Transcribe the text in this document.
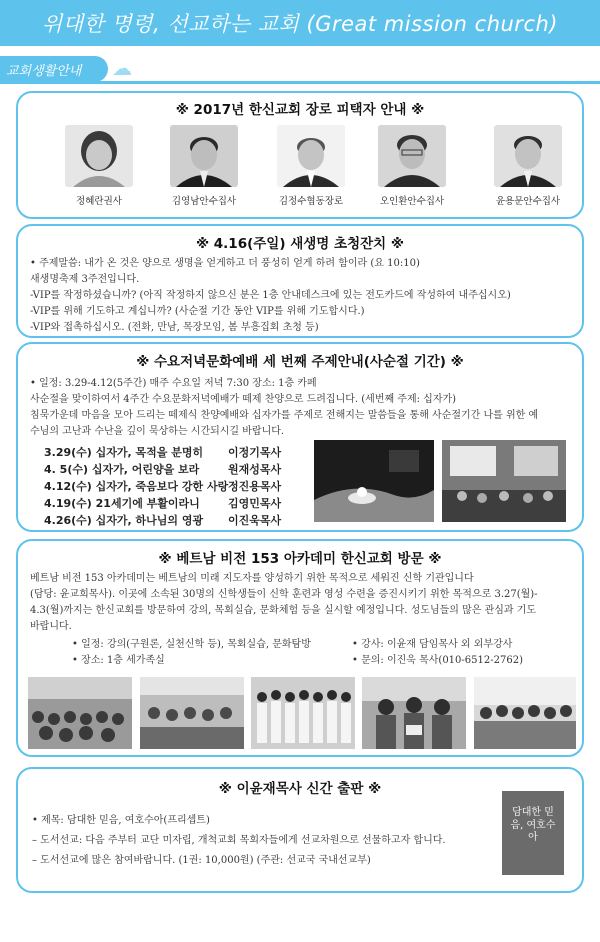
위대한 명령, 선교하는 교회 (Great mission church)
교회생활안내 ☁
※ 2017년 한신교회 장로 피택자 안내 ※
정혜란권사	김영남안수집사	김정수협동장로	오인환안수집사	윤용문안수집사
※ 4.16(주일) 새생명 초청잔치 ※
• 주제말씀: 내가 온 것은 양으로 생명을 얻게하고 더 풍성히 얻게 하려 함이라 (요 10:10)
새생명축제 3주전입니다.
-VIP를 작정하셨습니까? (아직 작정하지 않으신 분은 1층 안내데스크에 있는 전도카드에 작성하여 내주십시오)
-VIP를 위해 기도하고 계십니까? (사순절 기간 동안 VIP를 위해 기도합시다.)
-VIP와 접촉하십시오. (전화, 만남, 목장모임, 봄 부흥집회 초청 등)
※ 수요저녁문화예배 세 번째 주제안내(사순절 기간) ※
• 일정: 3.29-4.12(5주간) 매주 수요일 저녁 7:30 장소: 1층 카페
사순절을 맞이하여서 4주간 수요문화저녁예배가 떼제 찬양으로 드려집니다. (세번째 주제: 십자가)
침묵가운데 마음을 모아 드리는 떼제식 찬양예배와 십자가를 주제로 전해지는 말씀들을 통해 사순절기간 나를 위한 예
수님의 고난과 수난을 깊이 묵상하는 시간되시길 바랍니다.
3.29(수) 십자가, 목적을 분명히 이정기목사
4. 5(수) 십자가, 어린양을 보라	원재성목사
4.12(수) 십자가, 죽음보다 강한 사랑 정진용목사
4.19(수) 21세기에 부활이라니	김영민목사
4.26(수) 십자가, 하나님의 영광 이진욱목사
※ 베트남 비전 153 아카데미 한신교회 방문 ※
베트남 비전 153 아카데미는 베트남의 미래 지도자를 양성하기 위한 목적으로 세워진 신학 기관입니다
(담당: 윤교희목사). 이곳에 소속된 30명의 신학생들이 신학 훈련과 영성 수련을 증진시키기 위한 목적으로 3.27(월)-
4.3(월)까지는 한신교회를 방문하여 강의, 목회실습, 문화체험 등을 실시할 예정입니다. 성도님들의 많은 관심과 기도
바랍니다.
• 일정: 강의(구원론, 실천신학 등), 목회실습, 문화탐방	• 강사: 이윤재 담임목사 외 외부강사
• 장소: 1층 세가족실	• 문의: 이진욱 목사(010-6512-2762)
※ 이윤재목사 신간 출판 ※
• 제목: 담대한 믿음, 여호수아(프리셉트)
– 도서선교: 다음 주부터 교단 미자립, 개척교회 목회자들에게 선교차원으로 선물하고자 합니다.
– 도서선교에 많은 참여바랍니다. (1권: 10,000원) (주관: 선교국 국내선교부)
담대한 믿음, 여호수아
